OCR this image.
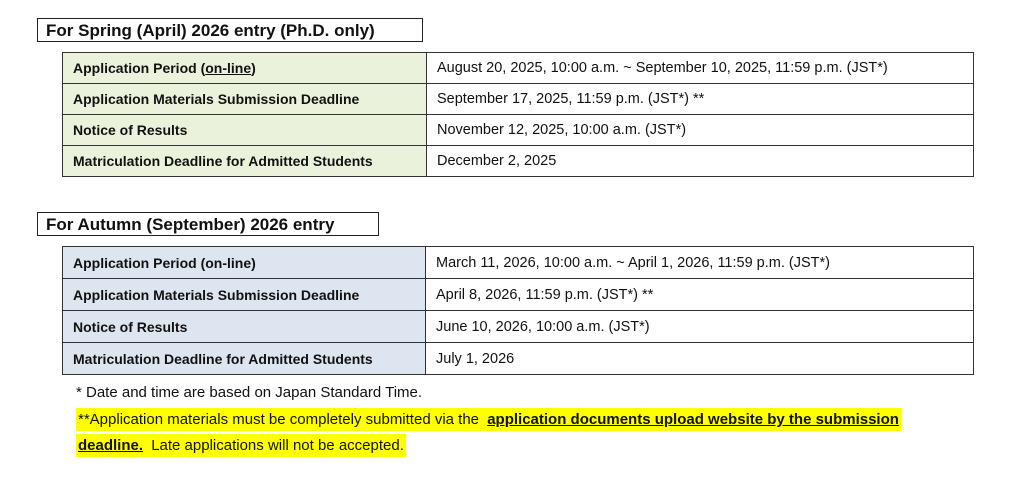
For Spring (April) 2026 entry (Ph.D. only)
Application Period (on-line)	August 20, 2025, 10:00 a.m. ~ September 10, 2025, 11:59 p.m. (JST*)
Application Materials Submission Deadline	September 17, 2025, 11:59 p.m. (JST*) **
Notice of Results	November 12, 2025, 10:00 a.m. (JST*)
Matriculation Deadline for Admitted Students	December 2, 2025
For Autumn (September) 2026 entry
Application Period (on-line)	March 11, 2026, 10:00 a.m. ~ April 1, 2026, 11:59 p.m. (JST*)
Application Materials Submission Deadline	April 8, 2026, 11:59 p.m. (JST*) **
Notice of Results	June 10, 2026, 10:00 a.m. (JST*)
Matriculation Deadline for Admitted Students	July 1, 2026
* Date and time are based on Japan Standard Time.
**Application materials must be completely submitted via the application documents upload website by the submission
deadline. Late applications will not be accepted.
